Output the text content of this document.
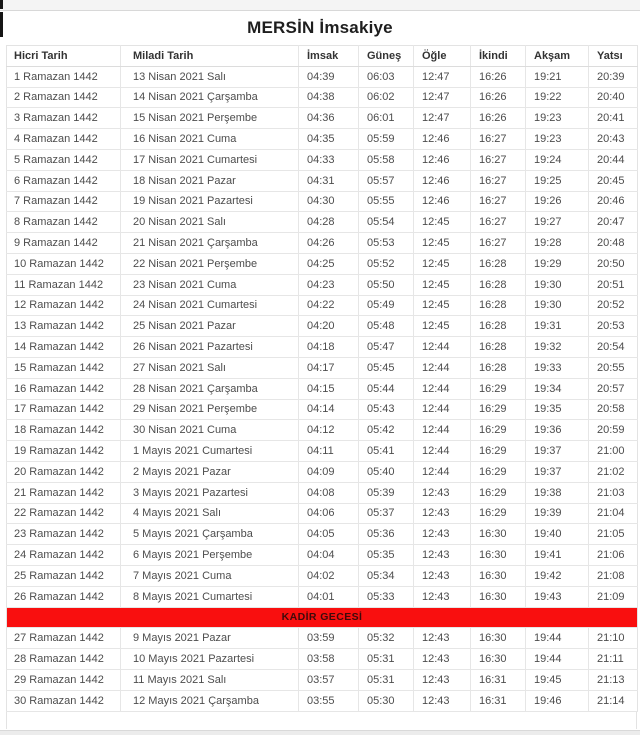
MERSİN İmsakiye
Hicri Tarih	Miladi Tarih	İmsak	Güneş	Öğle	İkindi	Akşam	Yatsı
1 Ramazan 1442	13 Nisan 2021 Salı	04:39	06:03	12:47	16:26	19:21	20:39
2 Ramazan 1442	14 Nisan 2021 Çarşamba	04:38	06:02	12:47	16:26	19:22	20:40
3 Ramazan 1442	15 Nisan 2021 Perşembe	04:36	06:01	12:47	16:26	19:23	20:41
4 Ramazan 1442	16 Nisan 2021 Cuma	04:35	05:59	12:46	16:27	19:23	20:43
5 Ramazan 1442	17 Nisan 2021 Cumartesi	04:33	05:58	12:46	16:27	19:24	20:44
6 Ramazan 1442	18 Nisan 2021 Pazar	04:31	05:57	12:46	16:27	19:25	20:45
7 Ramazan 1442	19 Nisan 2021 Pazartesi	04:30	05:55	12:46	16:27	19:26	20:46
8 Ramazan 1442	20 Nisan 2021 Salı	04:28	05:54	12:45	16:27	19:27	20:47
9 Ramazan 1442	21 Nisan 2021 Çarşamba	04:26	05:53	12:45	16:27	19:28	20:48
10 Ramazan 1442	22 Nisan 2021 Perşembe	04:25	05:52	12:45	16:28	19:29	20:50
11 Ramazan 1442	23 Nisan 2021 Cuma	04:23	05:50	12:45	16:28	19:30	20:51
12 Ramazan 1442	24 Nisan 2021 Cumartesi	04:22	05:49	12:45	16:28	19:30	20:52
13 Ramazan 1442	25 Nisan 2021 Pazar	04:20	05:48	12:45	16:28	19:31	20:53
14 Ramazan 1442	26 Nisan 2021 Pazartesi	04:18	05:47	12:44	16:28	19:32	20:54
15 Ramazan 1442	27 Nisan 2021 Salı	04:17	05:45	12:44	16:28	19:33	20:55
16 Ramazan 1442	28 Nisan 2021 Çarşamba	04:15	05:44	12:44	16:29	19:34	20:57
17 Ramazan 1442	29 Nisan 2021 Perşembe	04:14	05:43	12:44	16:29	19:35	20:58
18 Ramazan 1442	30 Nisan 2021 Cuma	04:12	05:42	12:44	16:29	19:36	20:59
19 Ramazan 1442	1 Mayıs 2021 Cumartesi	04:11	05:41	12:44	16:29	19:37	21:00
20 Ramazan 1442	2 Mayıs 2021 Pazar	04:09	05:40	12:44	16:29	19:37	21:02
21 Ramazan 1442	3 Mayıs 2021 Pazartesi	04:08	05:39	12:43	16:29	19:38	21:03
22 Ramazan 1442	4 Mayıs 2021 Salı	04:06	05:37	12:43	16:29	19:39	21:04
23 Ramazan 1442	5 Mayıs 2021 Çarşamba	04:05	05:36	12:43	16:30	19:40	21:05
24 Ramazan 1442	6 Mayıs 2021 Perşembe	04:04	05:35	12:43	16:30	19:41	21:06
25 Ramazan 1442	7 Mayıs 2021 Cuma	04:02	05:34	12:43	16:30	19:42	21:08
26 Ramazan 1442	8 Mayıs 2021 Cumartesi	04:01	05:33	12:43	16:30	19:43	21:09
KADİR GECESİ							
27 Ramazan 1442	9 Mayıs 2021 Pazar	03:59	05:32	12:43	16:30	19:44	21:10
28 Ramazan 1442	10 Mayıs 2021 Pazartesi	03:58	05:31	12:43	16:30	19:44	21:11
29 Ramazan 1442	11 Mayıs 2021 Salı	03:57	05:31	12:43	16:31	19:45	21:13
30 Ramazan 1442	12 Mayıs 2021 Çarşamba	03:55	05:30	12:43	16:31	19:46	21:14
